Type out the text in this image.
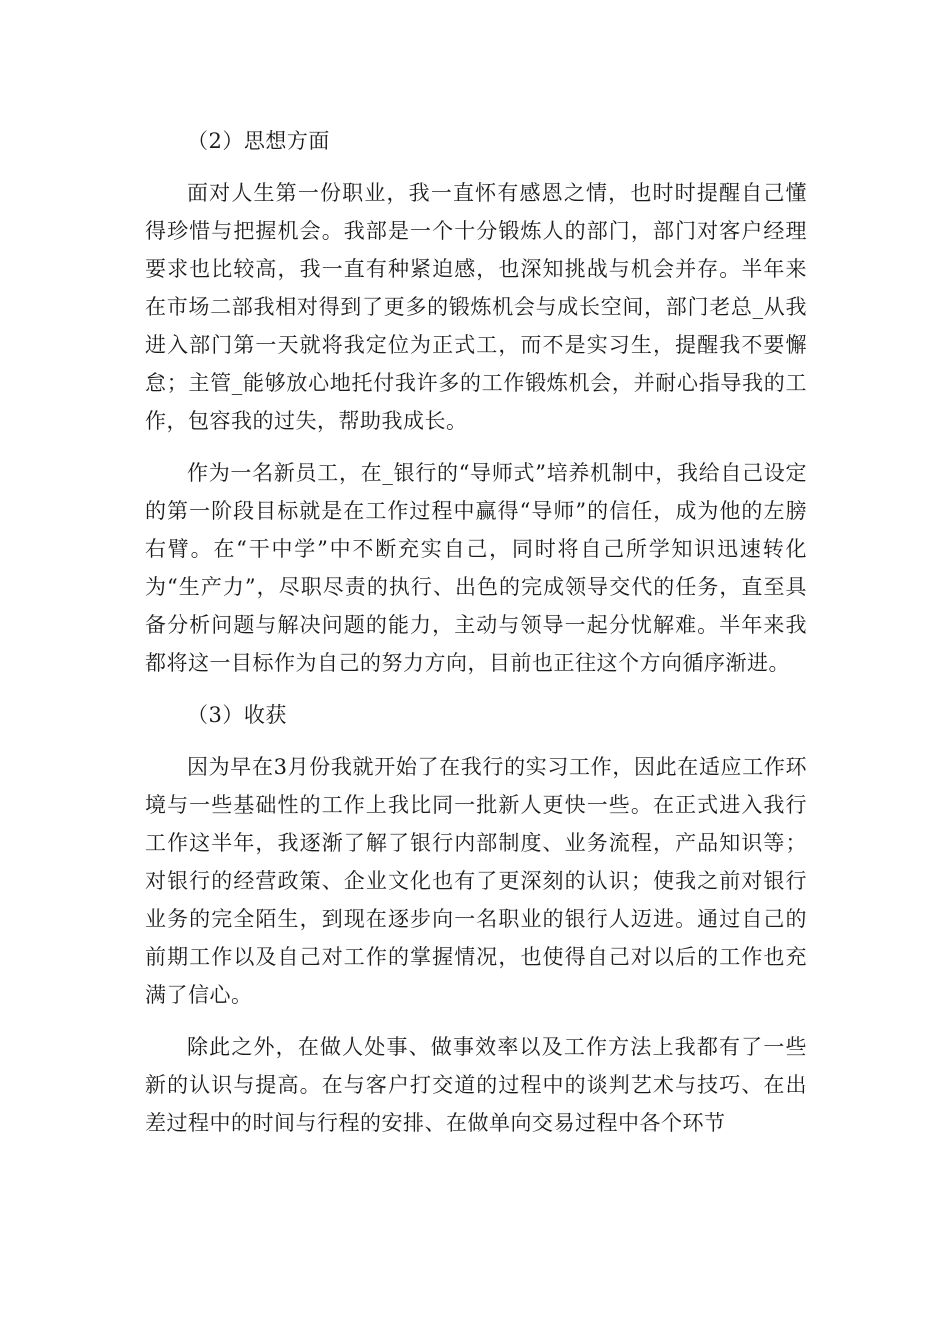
（2）思想方面

面对人生第一份职业，我一直怀有感恩之情，也时时提醒自己懂得珍惜与把握机会。我部是一个十分锻炼人的部门，部门对客户经理要求也比较高，我一直有种紧迫感，也深知挑战与机会并存。半年来在市场二部我相对得到了更多的锻炼机会与成长空间，部门老总_从我进入部门第一天就将我定位为正式工，而不是实习生，提醒我不要懈怠；主管_能够放心地托付我许多的工作锻炼机会，并耐心指导我的工作，包容我的过失，帮助我成长。

作为一名新员工，在_银行的“导师式”培养机制中，我给自己设定的第一阶段目标就是在工作过程中赢得“导师”的信任，成为他的左膀右臂。在“干中学”中不断充实自己，同时将自己所学知识迅速转化为“生产力”，尽职尽责的执行、出色的完成领导交代的任务，直至具备分析问题与解决问题的能力，主动与领导一起分忧解难。半年来我都将这一目标作为自己的努力方向，目前也正往这个方向循序渐进。

（3）收获

因为早在3月份我就开始了在我行的实习工作，因此在适应工作环境与一些基础性的工作上我比同一批新人更快一些。在正式进入我行工作这半年，我逐渐了解了银行内部制度、业务流程，产品知识等；对银行的经营政策、企业文化也有了更深刻的认识；使我之前对银行业务的完全陌生，到现在逐步向一名职业的银行人迈进。通过自己的前期工作以及自己对工作的掌握情况，也使得自己对以后的工作也充满了信心。

除此之外，在做人处事、做事效率以及工作方法上我都有了一些新的认识与提高。在与客户打交道的过程中的谈判艺术与技巧、在出差过程中的时间与行程的安排、在做单向交易过程中各个环节
